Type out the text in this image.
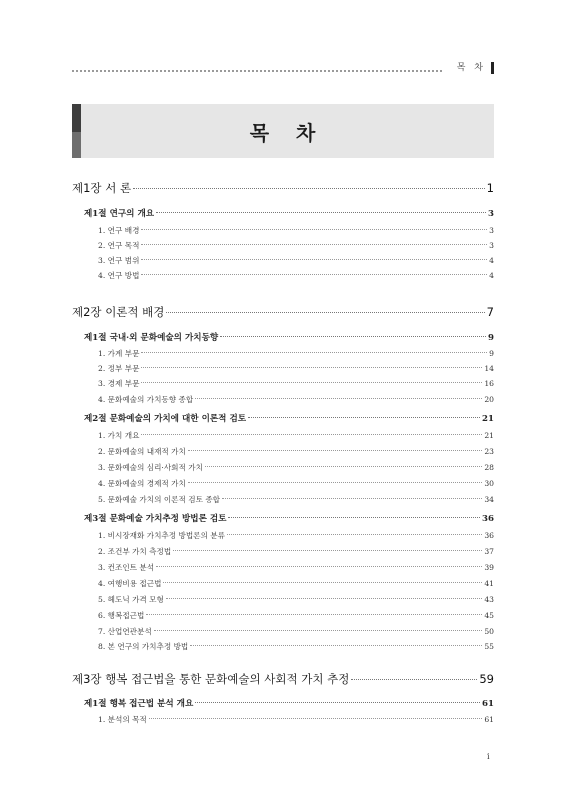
목 차
목 차
제1장 서 론	1
제1절 연구의 개요	3
1. 연구 배경	3
2. 연구 목적	3
3. 연구 범위	4
4. 연구 방법	4
제2장 이론적 배경	7
제1절 국내·외 문화예술의 가치동향	9
1. 가계 부문	9
2. 정부 부문	14
3. 경제 부문	16
4. 문화예술의 가치동향 종합	20
제2절 문화예술의 가치에 대한 이론적 검토	21
1. 가치 개요	21
2. 문화예술의 내재적 가치	23
3. 문화예술의 심리·사회적 가치	28
4. 문화예술의 경제적 가치	30
5. 문화예술 가치의 이론적 검토 종합	34
제3절 문화예술 가치추정 방법론 검토	36
1. 비시장재화 가치추정 방법론의 분류	36
2. 조건부 가치 측정법	37
3. 컨조인트 분석	39
4. 여행비용 접근법	41
5. 헤도닉 가격 모형	43
6. 행복접근법	45
7. 산업연관분석	50
8. 본 연구의 가치추정 방법	55
제3장 행복 접근법을 통한 문화예술의 사회적 가치 추정	59
제1절 행복 접근법 분석 개요	61
1. 분석의 목적	61
i
